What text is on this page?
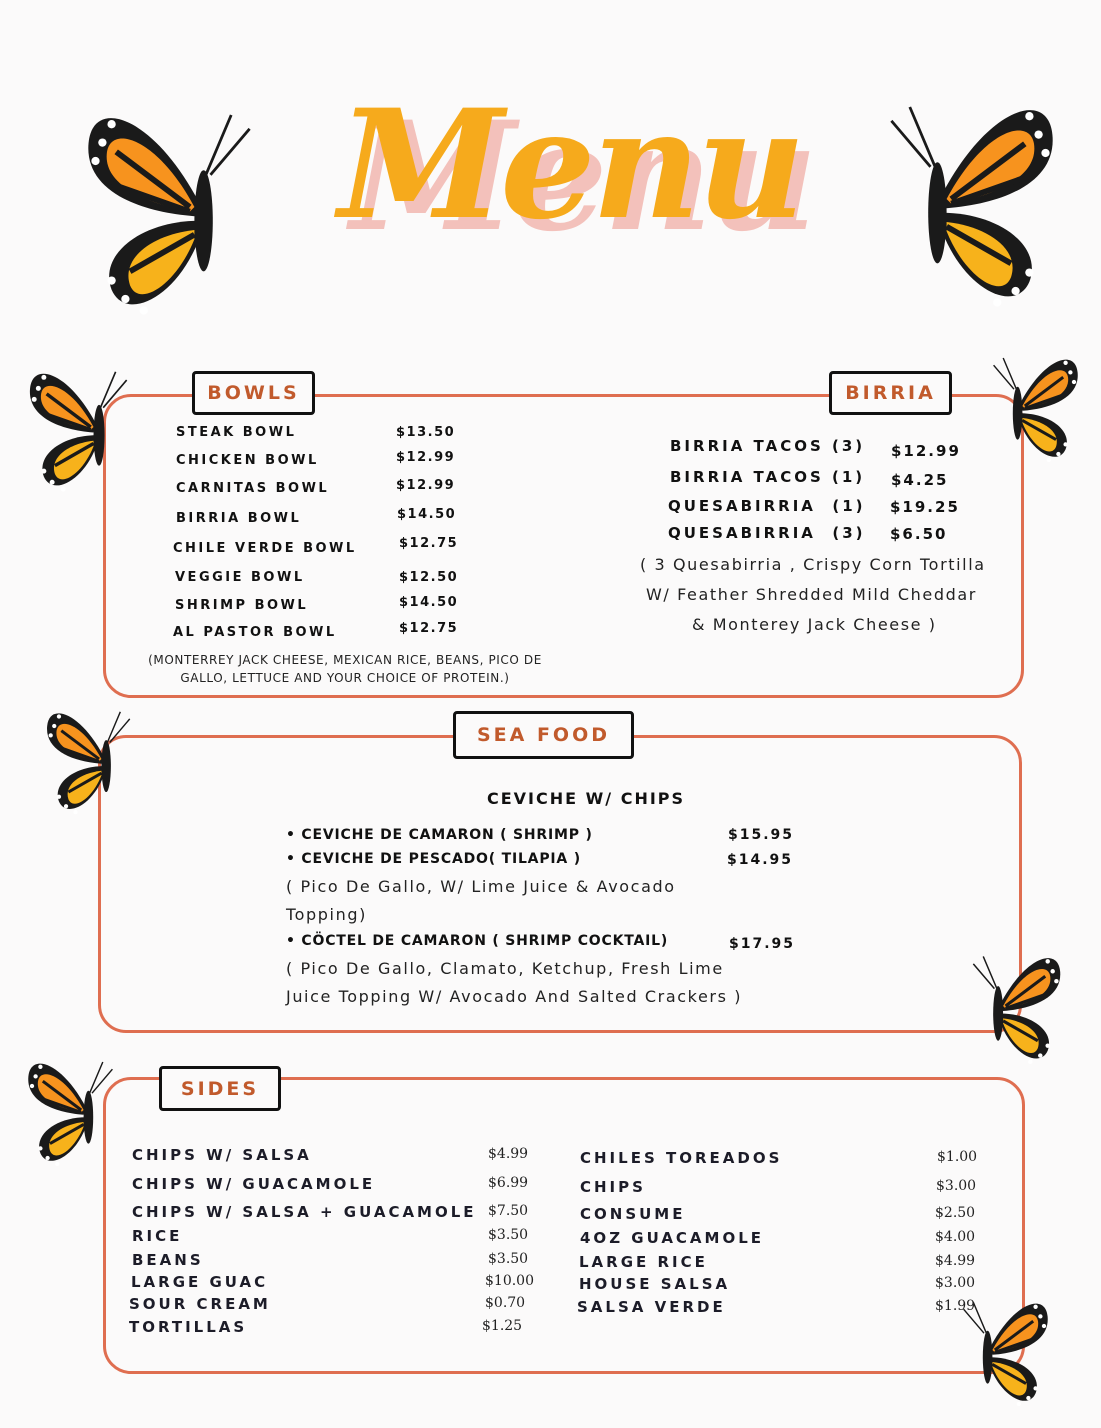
Menu
BOWLS	BIRRIA
STEAK BOWL	$13.50
CHICKEN BOWL	$12.99
CARNITAS BOWL	$12.99
BIRRIA BOWL	$14.50
CHILE VERDE BOWL	$12.75
VEGGIE BOWL	$12.50
SHRIMP BOWL	$14.50
AL PASTOR BOWL	$12.75
(MONTERREY JACK CHEESE, MEXICAN RICE, BEANS, PICO DE
GALLO, LETTUCE AND YOUR CHOICE OF PROTEIN.)
BIRRIA TACOS (3) $12.99
BIRRIA TACOS (1) $4.25
QUESABIRRIA  (1) $19.25
QUESABIRRIA  (3) $6.50
( 3 Quesabirria , Crispy Corn Tortilla
W/ Feather Shredded Mild Cheddar
& Monterey Jack Cheese )
SEA FOOD
CEVICHE W/ CHIPS
• CEVICHE DE CAMARON ( SHRIMP )	$15.95
• CEVICHE DE PESCADO( TILAPIA )	$14.95
( Pico De Gallo, W/ Lime Juice & Avocado
Topping)
• CÖCTEL DE CAMARON ( SHRIMP COCKTAIL)	$17.95
( Pico De Gallo, Clamato, Ketchup, Fresh Lime
Juice Topping W/ Avocado And Salted Crackers )
SIDES
CHIPS W/ SALSA	$4.99
CHIPS W/ GUACAMOLE	$6.99
CHIPS W/ SALSA + GUACAMOLE $7.50
RICE	$3.50
BEANS	$3.50
LARGE GUAC	$10.00
SOUR CREAM	$0.70
TORTILLAS	$1.25
CHILES TOREADOS	$1.00
CHIPS	$3.00
CONSUME	$2.50
4OZ GUACAMOLE	$4.00
LARGE RICE	$4.99
HOUSE SALSA	$3.00
SALSA VERDE	$1.99
